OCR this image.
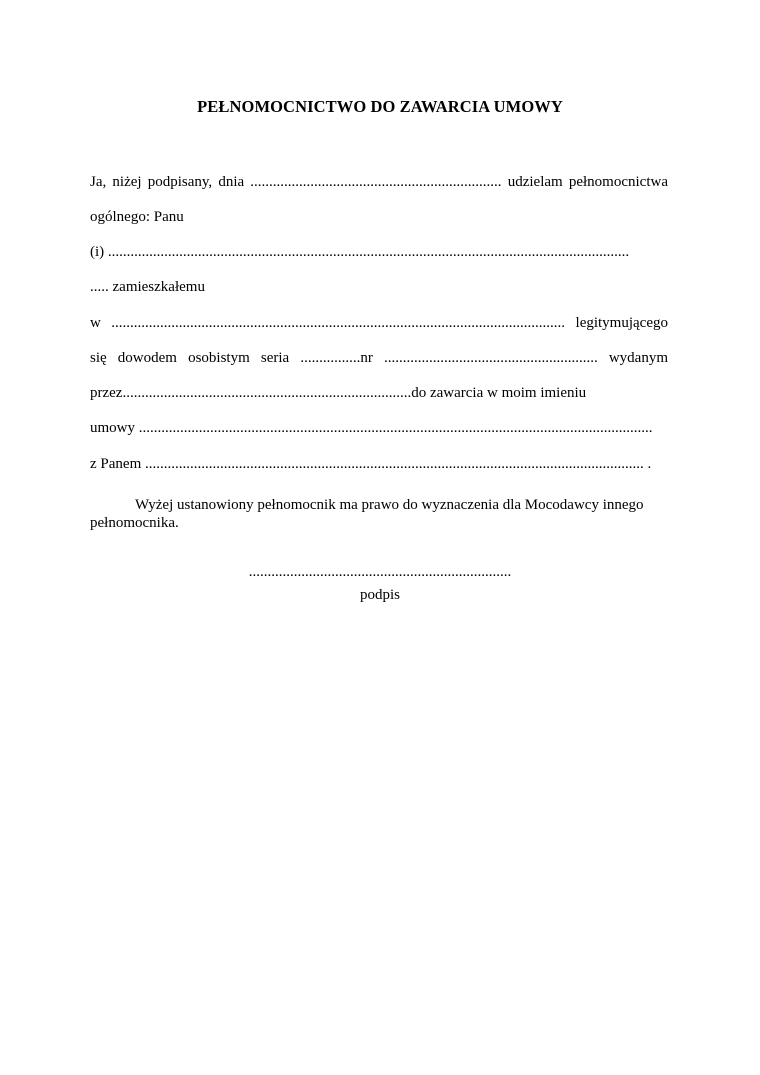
PEŁNOMOCNICTWO DO ZAWARCIA UMOWY
Ja, niżej podpisany, dnia ................................................................... udzielam pełnomocnictwa
ogólnego: Panu
(i) ...........................................................................................................................................
..... zamieszkałemu
w ......................................................................................................................... legitymującego
się dowodem osobistym seria ................nr ......................................................... wydanym
przez.............................................................................do zawarcia w moim imieniu
umowy .........................................................................................................................................
z Panem ..................................................................................................................................... .
Wyżej ustanowiony pełnomocnik ma prawo do wyznaczenia dla Mocodawcy innego pełnomocnika.
......................................................................
podpis
